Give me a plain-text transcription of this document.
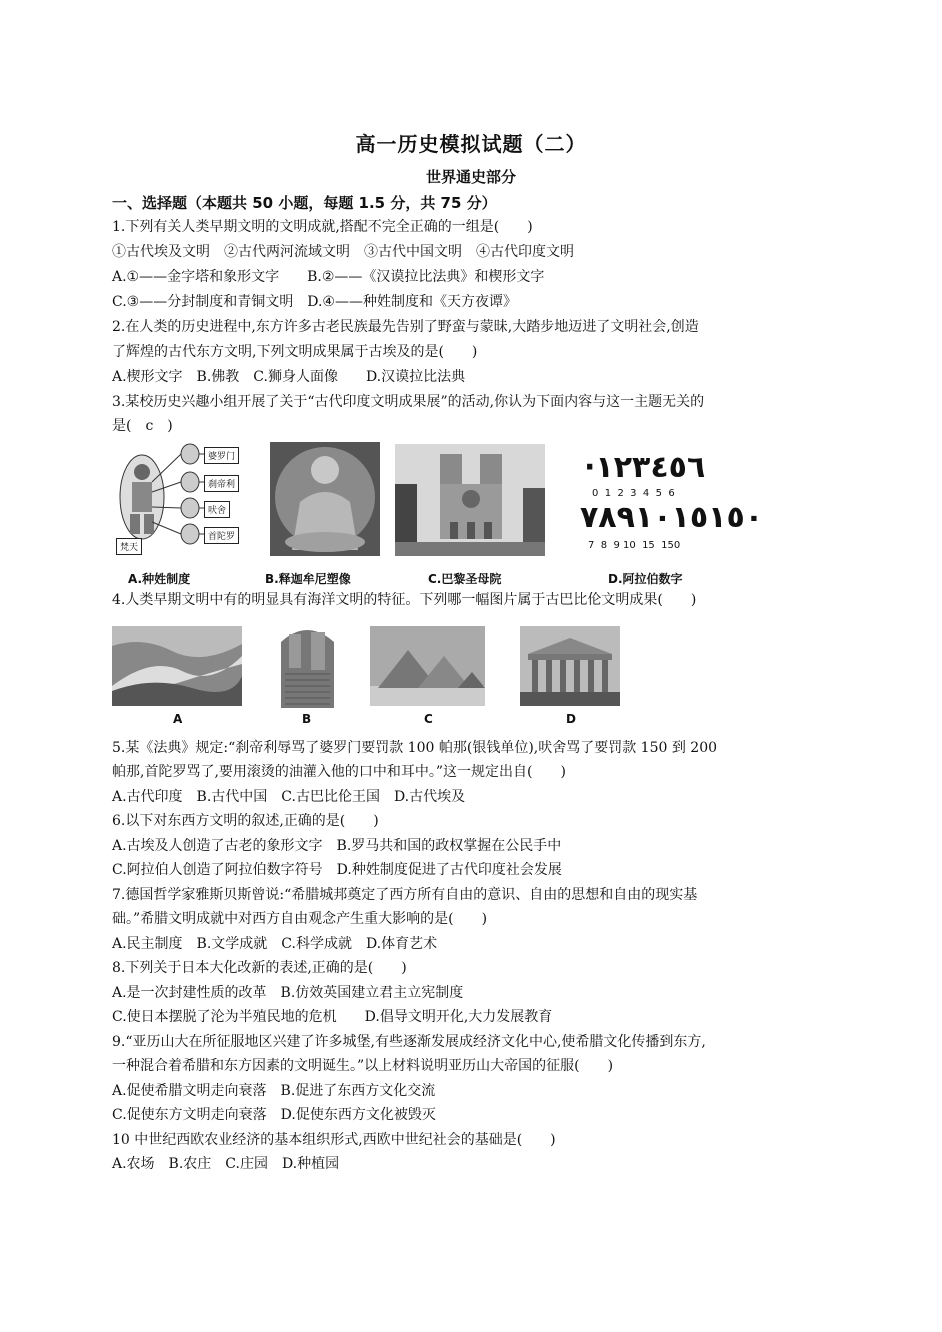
高一历史模拟试题（二）
世界通史部分
一、选择题（本题共 50 小题，每题 1.5 分，共 75 分）
1.下列有关人类早期文明的文明成就,搭配不完全正确的一组是(　　)
①古代埃及文明　②古代两河流域文明　③古代中国文明　④古代印度文明
A.①——金字塔和象形文字　　B.②——《汉谟拉比法典》和楔形文字
C.③——分封制度和青铜文明　D.④——种姓制度和《天方夜谭》
2.在人类的历史进程中,东方许多古老民族最先告别了野蛮与蒙昧,大踏步地迈进了文明社会,创造
了辉煌的古代东方文明,下列文明成果属于古埃及的是(　　)
A.楔形文字　B.佛教　C.狮身人面像　　D.汉谟拉比法典
3.某校历史兴趣小组开展了关于“古代印度文明成果展”的活动,你认为下面内容与这一主题无关的
是(　c　)
婆罗门
刹帝利
吠舍
首陀罗
梵天
·١٢٣٤٥٦
0  1  2  3  4  5  6
٧٨٩١٠١٥١٥٠
7  8  9 10  15  150
A.种姓制度	B.释迦牟尼塑像	C.巴黎圣母院	D.阿拉伯数字
4.人类早期文明中有的明显具有海洋文明的特征。下列哪一幅图片属于古巴比伦文明成果(　　)
A	B	C	D
5.某《法典》规定:“刹帝利辱骂了婆罗门要罚款 100 帕那(银钱单位),吠舍骂了要罚款 150 到 200
帕那,首陀罗骂了,要用滚烫的油灌入他的口中和耳中。”这一规定出自(　　)
A.古代印度　B.古代中国　C.古巴比伦王国　D.古代埃及
6.以下对东西方文明的叙述,正确的是(　　)
A.古埃及人创造了古老的象形文字　B.罗马共和国的政权掌握在公民手中
C.阿拉伯人创造了阿拉伯数字符号　D.种姓制度促进了古代印度社会发展
7.德国哲学家雅斯贝斯曾说:“希腊城邦奠定了西方所有自由的意识、自由的思想和自由的现实基
础。”希腊文明成就中对西方自由观念产生重大影响的是(　　)
A.民主制度　B.文学成就　C.科学成就　D.体育艺术
8.下列关于日本大化改新的表述,正确的是(　　)
A.是一次封建性质的改革　B.仿效英国建立君主立宪制度
C.使日本摆脱了沦为半殖民地的危机　　D.倡导文明开化,大力发展教育
9.“亚历山大在所征服地区兴建了许多城堡,有些逐渐发展成经济文化中心,使希腊文化传播到东方,
一种混合着希腊和东方因素的文明诞生。”以上材料说明亚历山大帝国的征服(　　)
A.促使希腊文明走向衰落　B.促进了东西方文化交流
C.促使东方文明走向衰落　D.促使东西方文化被毁灭
10 中世纪西欧农业经济的基本组织形式,西欧中世纪社会的基础是(　　)
A.农场　B.农庄　C.庄园　D.种植园
